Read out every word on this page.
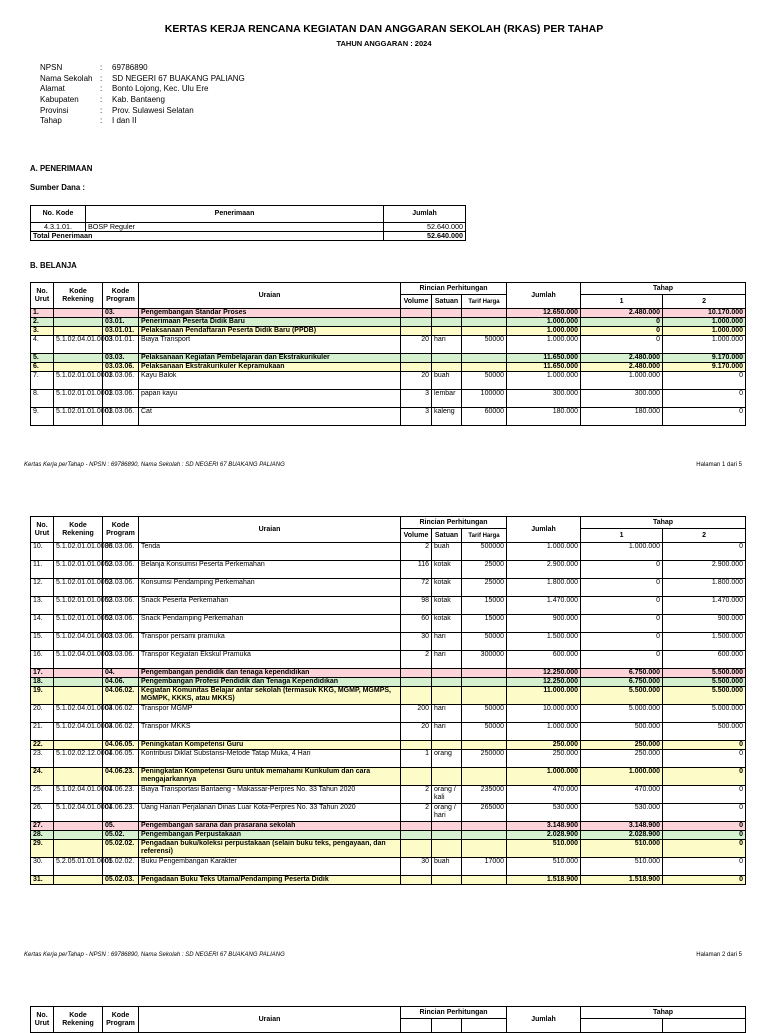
KERTAS KERJA RENCANA KEGIATAN DAN ANGGARAN SEKOLAH (RKAS) PER TAHAP
TAHUN ANGGARAN : 2024
NPSN	: 69786890
Nama Sekolah : SD NEGERI 67 BUAKANG PALIANG
Alamat	: Bonto Lojong, Kec. Ulu Ere
Kabupaten	: Kab. Bantaeng
Provinsi	: Prov. Sulawesi Selatan
Tahap	: I dan II
A. PENERIMAAN
Sumber Dana :
No. Kode	Penerimaan	Jumlah
4.3.1.01.	BOSP Reguler	52.640.000
Total Penerimaan		52.640.000
B. BELANJA
No. Urut	Kode Rekening	Kode Program	Uraian	Rincian Perhitungan			Jumlah	Tahap	
				Volume	Satuan	Tarif Harga		1	2
1.		03.	Pengembangan Standar Proses				12.650.000	2.480.000	10.170.000
2.		03.01.	Penerimaan Peserta Didik Baru				1.000.000	0	1.000.000
3.		03.01.01.	Pelaksanaan Pendaftaran Peserta Didik Baru (PPDB)				1.000.000	0	1.000.000
4.	5.1.02.04.01.0003	03.01.01.	Biaya Transport	20	hari	50000	1.000.000	0	1.000.000
5.		03.03.	Pelaksanaan Kegiatan Pembelajaran dan Ekstrakurikuler				11.650.000	2.480.000	9.170.000
6.		03.03.06.	Pelaksanaan Ekstrakurikuler Kepramukaan				11.650.000	2.480.000	9.170.000
7.	5.1.02.01.01.0001	03.03.06.	Kayu Balok	20	buah	50000	1.000.000	1.000.000	0
8.	5.1.02.01.01.0001	03.03.06.	papan kayu	3	lembar	100000	300.000	300.000	0
9.	5.1.02.01.01.0001	03.03.06.	Cat	3	kaleng	60000	180.000	180.000	0
Kertas Kerja perTahap - NPSN : 69786890, Nama Sekolah : SD NEGERI 67 BUAKANG PALIANG	Halaman 1 dari 5
No. Urut	Kode Rekening	Kode Program	Uraian	Rincian Perhitungan			Jumlah	Tahap	
				Volume	Satuan	Tarif Harga		1	2
10.	5.1.02.01.01.0036	03.03.06.	Tenda	2	buah	500000	1.000.000	1.000.000	0
11.	5.1.02.01.01.0052	03.03.06.	Belanja Konsumsi Peserta Perkemahan	116	kotak	25000	2.900.000	0	2.900.000
12.	5.1.02.01.01.0052	03.03.06.	Konsumsi Pendamping Perkemahan	72	kotak	25000	1.800.000	0	1.800.000
13.	5.1.02.01.01.0052	03.03.06.	Snack Peserta Perkemahan	98	kotak	15000	1.470.000	0	1.470.000
14.	5.1.02.01.01.0052	03.03.06.	Snack Pendamping Perkemahan	60	kotak	15000	900.000	0	900.000
15.	5.1.02.04.01.0003	03.03.06.	Transpor persami pramuka	30	hari	50000	1.500.000	0	1.500.000
16.	5.1.02.04.01.0003	03.03.06.	Transpor Kegiatan Ekskul Pramuka	2	hari	300000	600.000	0	600.000
17.		04.	Pengembangan pendidik dan tenaga kependidikan				12.250.000	6.750.000	5.500.000
18.		04.06.	Pengembangan Profesi Pendidik dan Tenaga Kependidikan				12.250.000	6.750.000	5.500.000
19.		04.06.02.	Kegiatan Komunitas Belajar antar sekolah (termasuk KKG, MGMP, MGMPS, MGMPK, KKKS, atau MKKS)				11.000.000	5.500.000	5.500.000
20.	5.1.02.04.01.0003	04.06.02.	Transpor MGMP	200	hari	50000	10.000.000	5.000.000	5.000.000
21.	5.1.02.04.01.0003	04.06.02.	Transpor MKKS	20	hari	50000	1.000.000	500.000	500.000
22.		04.06.05.	Peningkatan Kompetensi Guru				250.000	250.000	0
23.	5.1.02.02.12.0001	04.06.05.	Kontribusi Diklat Substansi-Metode Tatap Muka, 4 Hari	1	orang	250000	250.000	250.000	0
24.		04.06.23.	Peningkatan Kompetensi Guru untuk memahami Kurikulum dan cara mengajarkannya				1.000.000	1.000.000	0
25.	5.1.02.04.01.0001	04.06.23.	Biaya Transportasi Bantaeng - Makassar-Perpres No. 33 Tahun 2020	2	orang / kali	235000	470.000	470.000	0
26.	5.1.02.04.01.0001	04.06.23.	Uang Harian Perjalanan Dinas Luar Kota-Perpres No. 33 Tahun 2020	2	orang / hari	265000	530.000	530.000	0
27.		05.	Pengembangan sarana dan prasarana sekolah				3.148.900	3.148.900	0
28.		05.02.	Pengembangan Perpustakaan				2.028.900	2.028.900	0
29.		05.02.02.	Pengadaan buku/koleksi perpustakaan (selain buku teks, pengayaan, dan referensi)				510.000	510.000	0
30.	5.2.05.01.01.0001	05.02.02.	Buku Pengembangan Karakter	30	buah	17000	510.000	510.000	0
31.		05.02.03.	Pengadaan Buku Teks Utama/Pendamping Peserta Didik				1.518.900	1.518.900	0
Kertas Kerja perTahap - NPSN : 69786890, Nama Sekolah : SD NEGERI 67 BUAKANG PALIANG	Halaman 2 dari 5
No. Urut	Kode Rekening	Kode Program	Uraian	Rincian Perhitungan			Jumlah	Tahap	
